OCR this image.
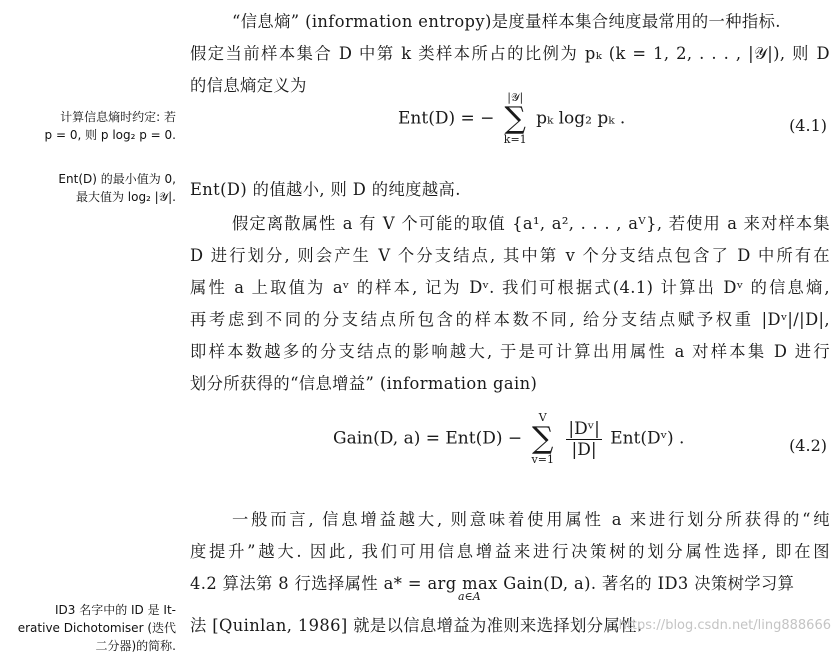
计算信息熵时约定: 若
p = 0, 则 p log₂ p = 0.
Ent(D) 的最小值为 0,
最大值为 log₂ |𝒴|.
ID3 名字中的 ID 是 It-
erative Dichotomiser (迭代
二分器)的简称.
“信息熵” (information entropy)是度量样本集合纯度最常用的一种指标.
假定当前样本集合 D 中第 k 类样本所占的比例为 pₖ (k = 1, 2, . . . , |𝒴|), 则 D
的信息熵定义为
Ent(D) = −
|𝒴|
∑
k=1
pₖ log₂ pₖ .	(4.1)
Ent(D) 的值越小, 则 D 的纯度越高.
假定离散属性 a 有 V 个可能的取值 {a¹, a², . . . , aⱽ}, 若使用 a 来对样本集
D 进行划分, 则会产生 V 个分支结点, 其中第 v 个分支结点包含了 D 中所有在
属性 a 上取值为 aᵛ 的样本, 记为 Dᵛ. 我们可根据式(4.1) 计算出 Dᵛ 的信息熵,
再考虑到不同的分支结点所包含的样本数不同, 给分支结点赋予权重 |Dᵛ|/|D|,
即样本数越多的分支结点的影响越大, 于是可计算出用属性 a 对样本集 D 进行
划分所获得的“信息增益” (information gain)
Gain(D, a) = Ent(D) −
V
∑
v=1
$\frac{\text{|Dᵛ|}}{|D|}$ Ent(Dᵛ) .	(4.2)
一般而言, 信息增益越大, 则意味着使用属性 a 来进行划分所获得的“纯
度提升”越大. 因此, 我们可用信息增益来进行决策树的划分属性选择, 即在图
4.2 算法第 8 行选择属性 a* = arg max Gain(D, a). 著名的 ID3 决策树学习算
a∈A
法 [Quinlan, 1986] 就是以信息增益为准则来选择划分属性.
https://blog.csdn.net/ling888666
